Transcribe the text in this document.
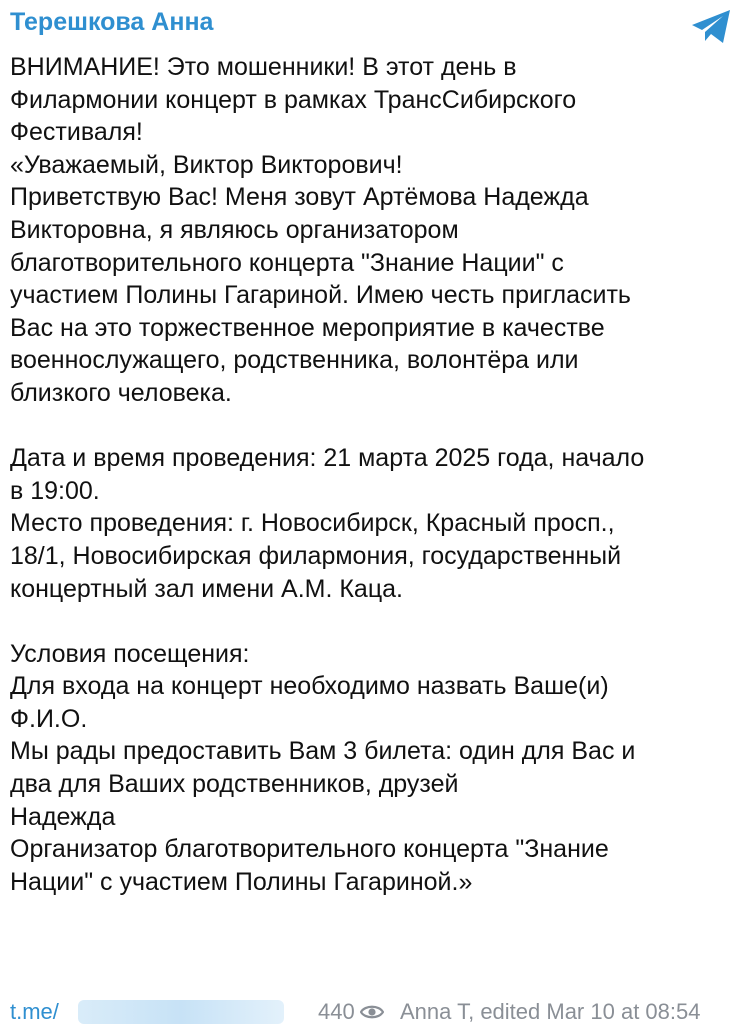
Терешкова Анна
ВНИМАНИЕ! Это мошенники! В этот день в
Филармонии концерт в рамках ТрансСибирского
Фестиваля!
«Уважаемый, Виктор Викторович!
Приветствую Вас! Меня зовут Артёмова Надежда
Викторовна, я являюсь организатором
благотворительного концерта "Знание Нации" с
участием Полины Гагариной. Имею честь пригласить
Вас на это торжественное мероприятие в качестве
военнослужащего, родственника, волонтёра или
близкого человека.
Дата и время проведения: 21 марта 2025 года, начало
в 19:00.
Место проведения: г. Новосибирск, Красный просп.,
18/1, Новосибирская филармония, государственный
концертный зал имени А.М. Каца.
Условия посещения:
Для входа на концерт необходимо назвать Ваше(и)
Ф.И.О.
Мы рады предоставить Вам 3 билета: один для Вас и
два для Ваших родственников, друзей
Надежда
Организатор благотворительного концерта "Знание
Нации" с участием Полины Гагариной.»
t.me/	440 Anna T, edited Mar 10 at 08:54
